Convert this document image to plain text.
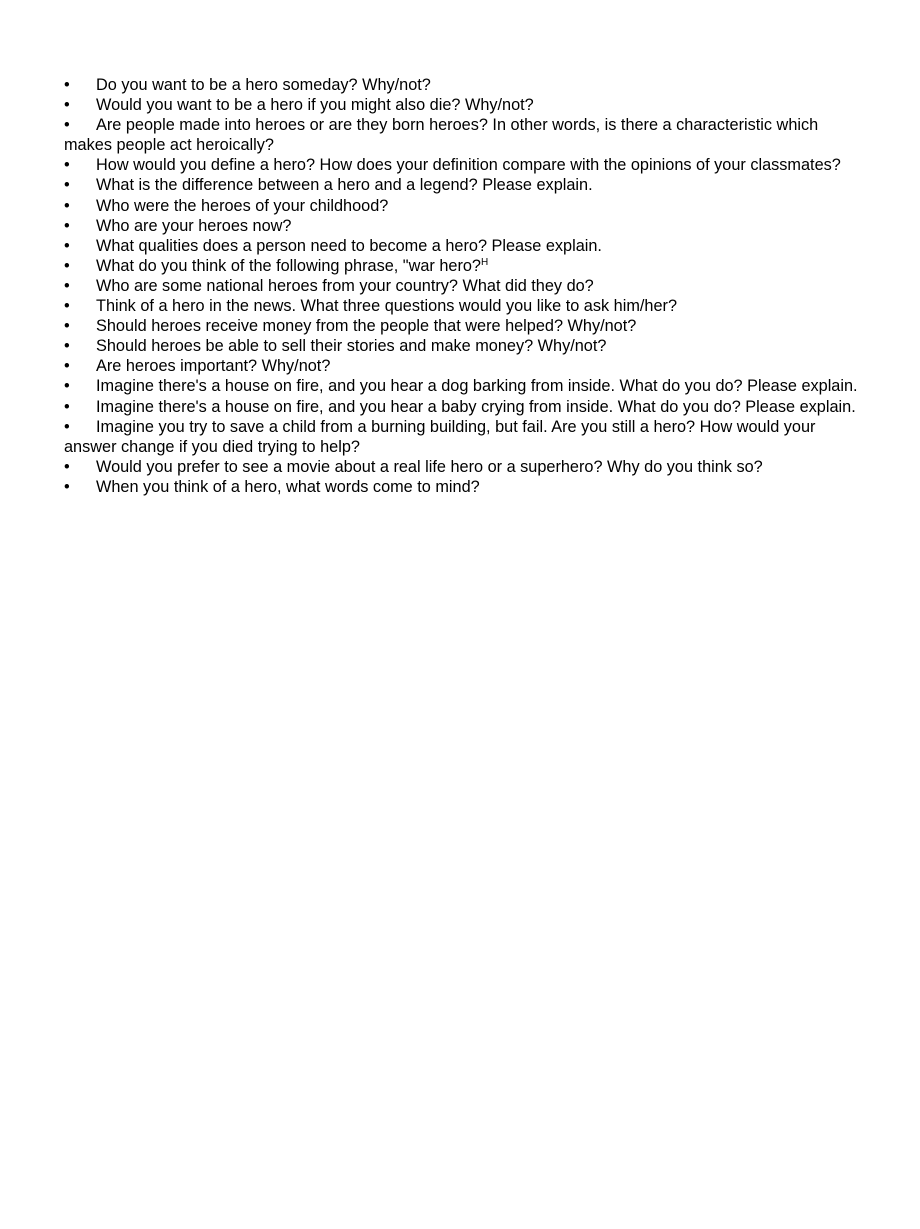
• Do you want to be a hero someday? Why/not?
• Would you want to be a hero if you might also die? Why/not?
• Are people made into heroes or are they born heroes? In other words, is there a characteristic which makes people act heroically?
• How would you define a hero? How does your definition compare with the opinions of your classmates?
• What is the difference between a hero and a legend? Please explain.
• Who were the heroes of your childhood?
• Who are your heroes now?
• What qualities does a person need to become a hero? Please explain.
• What do you think of the following phrase, "war hero?$^H$
• Who are some national heroes from your country? What did they do?
• Think of a hero in the news. What three questions would you like to ask him/her?
• Should heroes receive money from the people that were helped? Why/not?
• Should heroes be able to sell their stories and make money? Why/not?
• Are heroes important? Why/not?
• Imagine there's a house on fire, and you hear a dog barking from inside. What do you do? Please explain.
• Imagine there's a house on fire, and you hear a baby crying from inside. What do you do? Please explain.
• Imagine you try to save a child from a burning building, but fail. Are you still a hero? How would your answer change if you died trying to help?
• Would you prefer to see a movie about a real life hero or a superhero? Why do you think so?
• When you think of a hero, what words come to mind?
